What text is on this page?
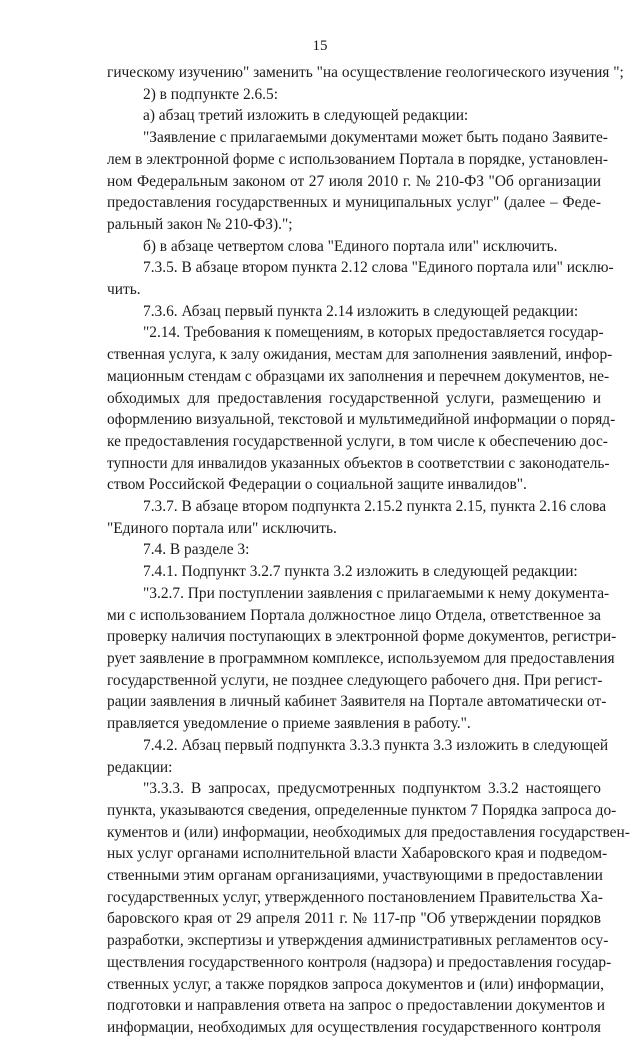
15
гическому изучению" заменить "на осуществление геологического изучения ";
2) в подпункте 2.6.5:
а) абзац третий изложить в следующей редакции:
"Заявление с прилагаемыми документами может быть подано Заявите-
лем в электронной форме с использованием Портала в порядке, установлен-
ном Федеральным законом от 27 июля 2010 г. № 210-ФЗ "Об организации
предоставления государственных и муниципальных услуг" (далее – Феде-
ральный закон № 210-ФЗ).";
б) в абзаце четвертом слова "Единого портала или" исключить.
7.3.5. В абзаце втором пункта 2.12 слова "Единого портала или" исклю-
чить.
7.3.6. Абзац первый пункта 2.14 изложить в следующей редакции:
"2.14. Требования к помещениям, в которых предоставляется государ-
ственная услуга, к залу ожидания, местам для заполнения заявлений, инфор-
мационным стендам с образцами их заполнения и перечнем документов, не-
обходимых для предоставления государственной услуги, размещению и
оформлению визуальной, текстовой и мультимедийной информации о поряд-
ке предоставления государственной услуги, в том числе к обеспечению дос-
тупности для инвалидов указанных объектов в соответствии с законодатель-
ством Российской Федерации о социальной защите инвалидов".
7.3.7. В абзаце втором подпункта 2.15.2 пункта 2.15, пункта 2.16 слова
"Единого портала или" исключить.
7.4. В разделе 3:
7.4.1. Подпункт 3.2.7 пункта 3.2 изложить в следующей редакции:
"3.2.7. При поступлении заявления с прилагаемыми к нему документа-
ми с использованием Портала должностное лицо Отдела, ответственное за
проверку наличия поступающих в электронной форме документов, регистри-
рует заявление в программном комплексе, используемом для предоставления
государственной услуги, не позднее следующего рабочего дня. При регист-
рации заявления в личный кабинет Заявителя на Портале автоматически от-
правляется уведомление о приеме заявления в работу.".
7.4.2. Абзац первый подпункта 3.3.3 пункта 3.3 изложить в следующей
редакции:
"3.3.3. В запросах, предусмотренных подпунктом 3.3.2 настоящего
пункта, указываются сведения, определенные пунктом 7 Порядка запроса до-
кументов и (или) информации, необходимых для предоставления государствен-
ных услуг органами исполнительной власти Хабаровского края и подведом-
ственными этим органам организациями, участвующими в предоставлении
государственных услуг, утвержденного постановлением Правительства Ха-
баровского края от 29 апреля 2011 г. № 117-пр "Об утверждении порядков
разработки, экспертизы и утверждения административных регламентов осу-
ществления государственного контроля (надзора) и предоставления государ-
ственных услуг, а также порядков запроса документов и (или) информации,
подготовки и направления ответа на запрос о предоставлении документов и
информации, необходимых для осуществления государственного контроля
